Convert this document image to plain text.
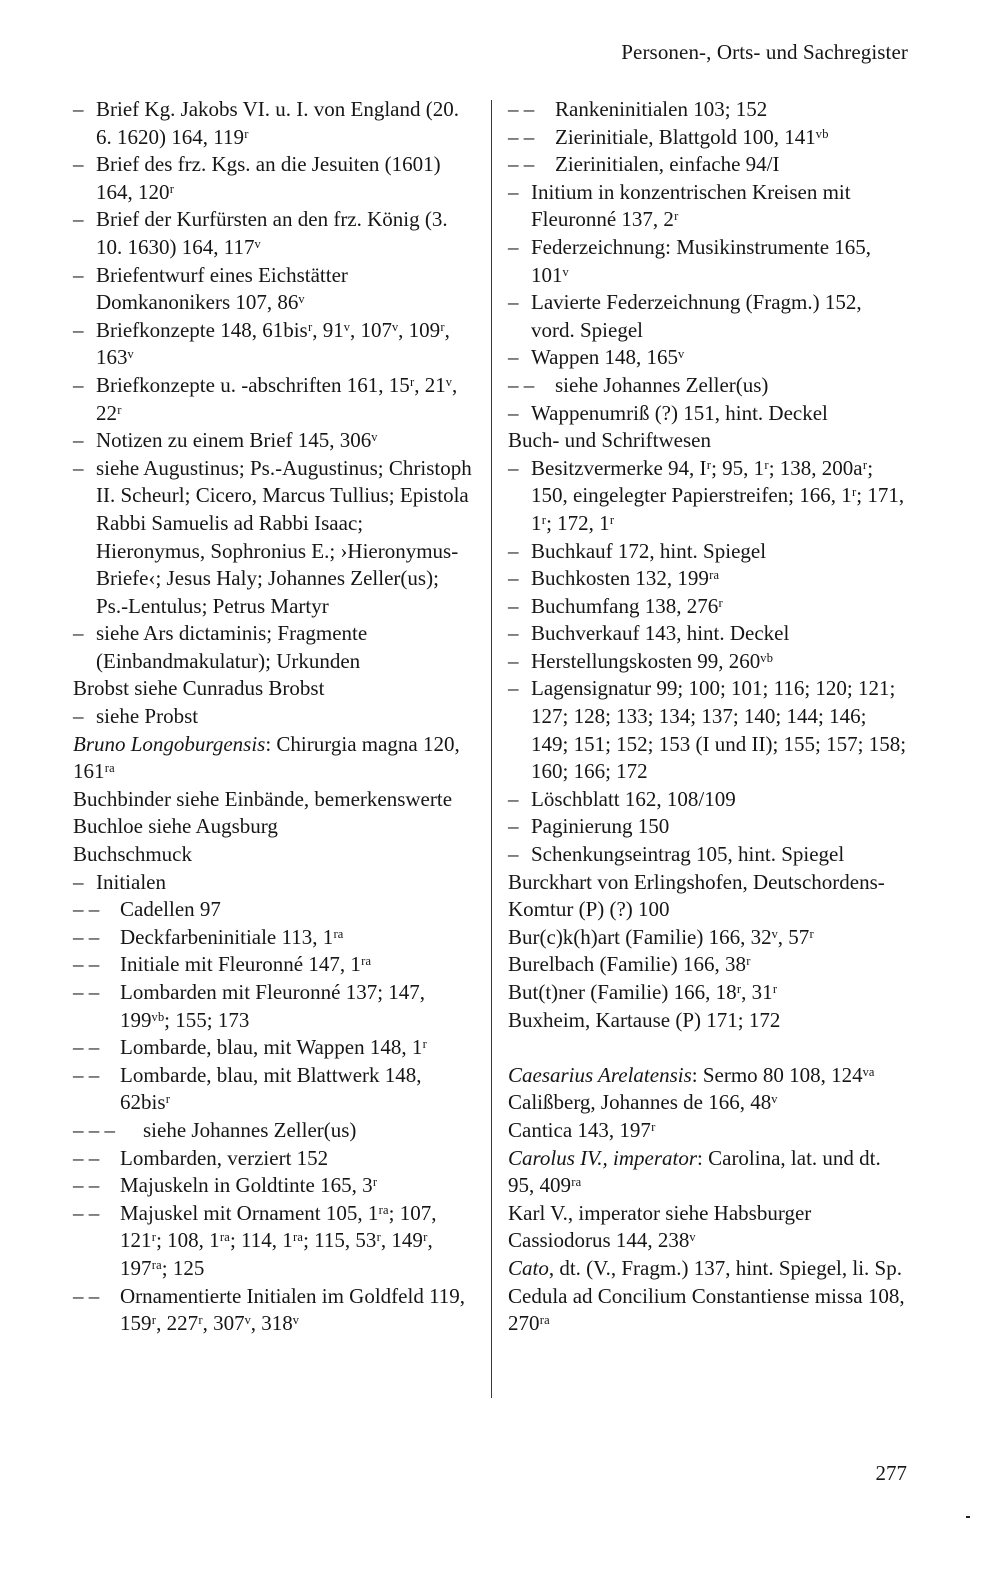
Personen-, Orts- und Sachregister
– Brief Kg. Jakobs VI. u. I. von England (20. 6. 1620) 164, 119ʳ
– Brief des frz. Kgs. an die Jesuiten (1601) 164, 120ʳ
– Brief der Kurfürsten an den frz. König (3. 10. 1630) 164, 117ᵛ
– Briefentwurf eines Eichstätter Domkanonikers 107, 86ᵛ
– Briefkonzepte 148, 61bisʳ, 91ᵛ, 107ᵛ, 109ʳ, 163ᵛ
– Briefkonzepte u. -abschriften 161, 15ʳ, 21ᵛ, 22ʳ
– Notizen zu einem Brief 145, 306ᵛ
– siehe Augustinus; Ps.-Augustinus; Christoph II. Scheurl; Cicero, Marcus Tullius; Epistola Rabbi Samuelis ad Rabbi Isaac; Hieronymus, Sophronius E.; ›Hieronymus-Briefe‹; Jesus Haly; Johannes Zeller(us); Ps.-Lentulus; Petrus Martyr
– siehe Ars dictaminis; Fragmente (Einbandmakulatur); Urkunden
Brobst siehe Cunradus Brobst
– siehe Probst
Bruno Longoburgensis: Chirurgia magna 120, 161ʳᵃ
Buchbinder siehe Einbände, bemerkenswerte
Buchloe siehe Augsburg
Buchschmuck
– Initialen
– – Cadellen 97
– – Deckfarbeninitiale 113, 1ʳᵃ
– – Initiale mit Fleuronné 147, 1ʳᵃ
– – Lombarden mit Fleuronné 137; 147, 199ᵛᵇ; 155; 173
– – Lombarde, blau, mit Wappen 148, 1ʳ
– – Lombarde, blau, mit Blattwerk 148, 62bisʳ
– – – siehe Johannes Zeller(us)
– – Lombarden, verziert 152
– – Majuskeln in Goldtinte 165, 3ʳ
– – Majuskel mit Ornament 105, 1ʳᵃ; 107, 121ʳ; 108, 1ʳᵃ; 114, 1ʳᵃ; 115, 53ʳ, 149ʳ, 197ʳᵃ; 125
– – Ornamentierte Initialen im Goldfeld 119, 159ʳ, 227ʳ, 307ᵛ, 318ᵛ
– – Rankeninitialen 103; 152
– – Zierinitiale, Blattgold 100, 141ᵛᵇ
– – Zierinitialen, einfache 94/I
– Initium in konzentrischen Kreisen mit Fleuronné 137, 2ʳ
– Federzeichnung: Musikinstrumente 165, 101ᵛ
– Lavierte Federzeichnung (Fragm.) 152, vord. Spiegel
– Wappen 148, 165ᵛ
– – siehe Johannes Zeller(us)
– Wappenumriß (?) 151, hint. Deckel
Buch- und Schriftwesen
– Besitzvermerke 94, Iʳ; 95, 1ʳ; 138, 200aʳ; 150, eingelegter Papierstreifen; 166, 1ʳ; 171, 1ʳ; 172, 1ʳ
– Buchkauf 172, hint. Spiegel
– Buchkosten 132, 199ʳᵃ
– Buchumfang 138, 276ʳ
– Buchverkauf 143, hint. Deckel
– Herstellungskosten 99, 260ᵛᵇ
– Lagensignatur 99; 100; 101; 116; 120; 121; 127; 128; 133; 134; 137; 140; 144; 146; 149; 151; 152; 153 (I und II); 155; 157; 158; 160; 166; 172
– Löschblatt 162, 108/109
– Paginierung 150
– Schenkungseintrag 105, hint. Spiegel
Burckhart von Erlingshofen, Deutschordens-Komtur (P) (?) 100
Bur(c)k(h)art (Familie) 166, 32ᵛ, 57ʳ
Burelbach (Familie) 166, 38ʳ
But(t)ner (Familie) 166, 18ʳ, 31ʳ
Buxheim, Kartause (P) 171; 172
Caesarius Arelatensis: Sermo 80 108, 124ᵛᵃ
Calißberg, Johannes de 166, 48ᵛ
Cantica 143, 197ʳ
Carolus IV., imperator: Carolina, lat. und dt. 95, 409ʳᵃ
Karl V., imperator siehe Habsburger
Cassiodorus 144, 238ᵛ
Cato, dt. (V., Fragm.) 137, hint. Spiegel, li. Sp.
Cedula ad Concilium Constantiense missa 108, 270ʳᵃ
277
